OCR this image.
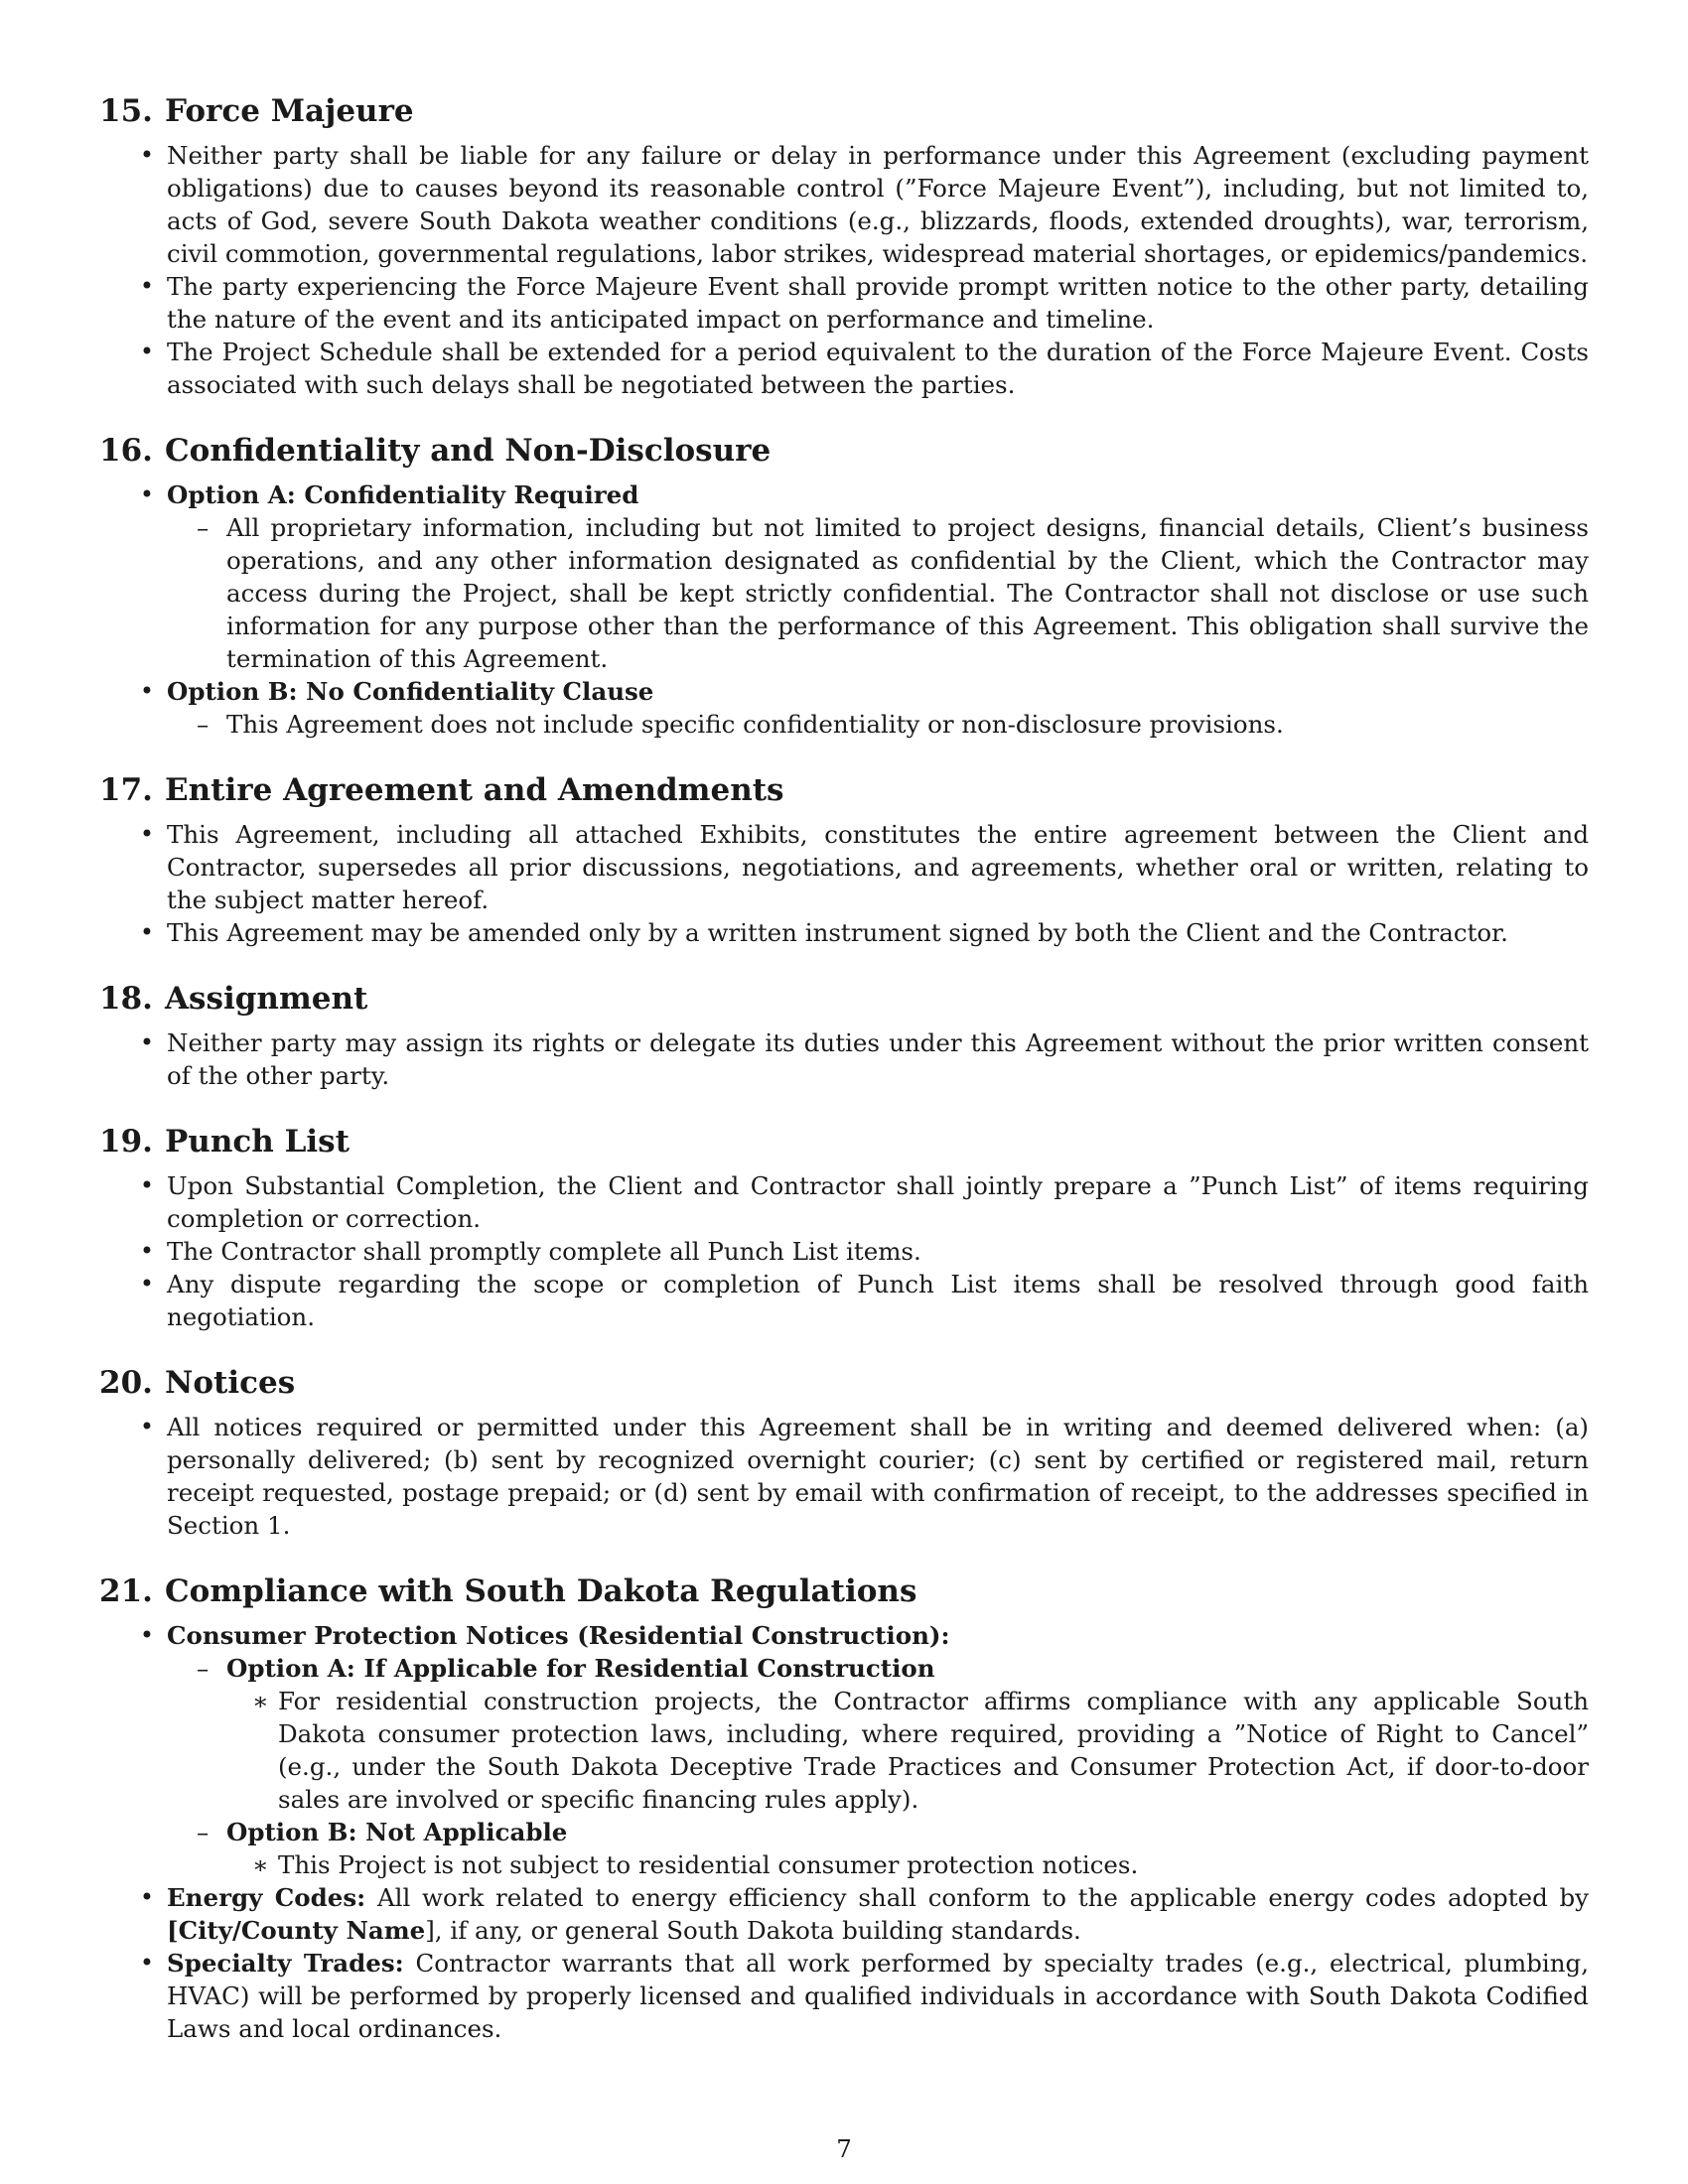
15. Force Majeure
• Neither party shall be liable for any failure or delay in performance under this Agreement (excluding payment obligations) due to causes beyond its reasonable control (”Force Majeure Event”), including, but not limited to, acts of God, severe South Dakota weather conditions (e.g., blizzards, floods, extended droughts), war, terrorism, civil commotion, governmental regulations, labor strikes, widespread material shortages, or epidemics/pandemics.
• The party experiencing the Force Majeure Event shall provide prompt written notice to the other party, detailing the nature of the event and its anticipated impact on performance and timeline.
• The Project Schedule shall be extended for a period equivalent to the duration of the Force Majeure Event. Costs associated with such delays shall be negotiated between the parties.
16. Confidentiality and Non-Disclosure
• Option A: Confidentiality Required
– All proprietary information, including but not limited to project designs, financial details, Client’s business operations, and any other information designated as confidential by the Client, which the Contractor may access during the Project, shall be kept strictly confidential. The Contractor shall not disclose or use such information for any purpose other than the performance of this Agreement. This obligation shall survive the termination of this Agreement.
• Option B: No Confidentiality Clause
– This Agreement does not include specific confidentiality or non-disclosure provisions.
17. Entire Agreement and Amendments
• This Agreement, including all attached Exhibits, constitutes the entire agreement between the Client and Contractor, supersedes all prior discussions, negotiations, and agreements, whether oral or written, relating to the subject matter hereof.
• This Agreement may be amended only by a written instrument signed by both the Client and the Contractor.
18. Assignment
• Neither party may assign its rights or delegate its duties under this Agreement without the prior written consent of the other party.
19. Punch List
• Upon Substantial Completion, the Client and Contractor shall jointly prepare a ”Punch List” of items requiring completion or correction.
• The Contractor shall promptly complete all Punch List items.
• Any dispute regarding the scope or completion of Punch List items shall be resolved through good faith negotiation.
20. Notices
• All notices required or permitted under this Agreement shall be in writing and deemed delivered when: (a) personally delivered; (b) sent by recognized overnight courier; (c) sent by certified or registered mail, return receipt requested, postage prepaid; or (d) sent by email with confirmation of receipt, to the addresses specified in Section 1.
21. Compliance with South Dakota Regulations
• Consumer Protection Notices (Residential Construction):
– Option A: If Applicable for Residential Construction
∗ For residential construction projects, the Contractor affirms compliance with any applicable South Dakota consumer protection laws, including, where required, providing a ”Notice of Right to Cancel” (e.g., under the South Dakota Deceptive Trade Practices and Consumer Protection Act, if door-to-door sales are involved or specific financing rules apply).
– Option B: Not Applicable
∗ This Project is not subject to residential consumer protection notices.
• Energy Codes: All work related to energy efficiency shall conform to the applicable energy codes adopted by [City/County Name], if any, or general South Dakota building standards.
• Specialty Trades: Contractor warrants that all work performed by specialty trades (e.g., electrical, plumbing, HVAC) will be performed by properly licensed and qualified individuals in accordance with South Dakota Codified Laws and local ordinances.
7
